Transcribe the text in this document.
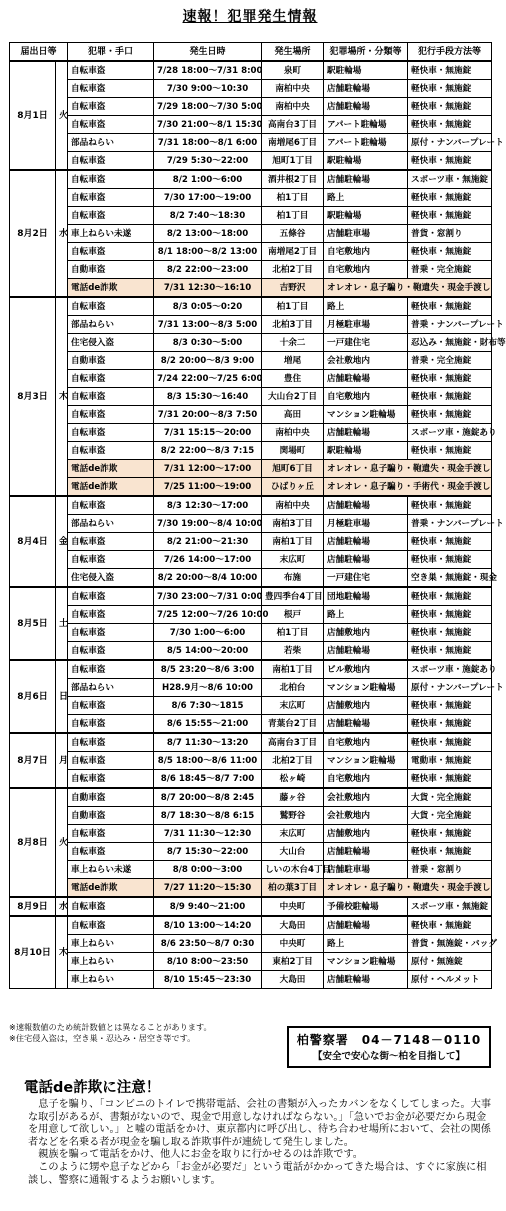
速報！犯罪発生情報
届出日等		犯罪・手口	発生日時	発生場所	犯罪場所・分類等	犯行手段方法等
8月1日	火	自転車盗	7/28 18:00～7/31 8:00	泉町	駅駐輪場	軽快車・無施錠
		自転車盗	7/30 9:00～10:30	南柏中央	店舗駐輪場	軽快車・無施錠
		自転車盗	7/29 18:00～7/30 5:00	南柏中央	店舗駐輪場	軽快車・無施錠
		自転車盗	7/30 21:00～8/1 15:30	高南台3丁目	アパート駐輪場	軽快車・無施錠
		部品ねらい	7/31 18:00～8/1 6:00	南増尾6丁目	アパート駐輪場	原付・ナンバープレート
		自転車盗	7/29 5:30～22:00	旭町1丁目	駅駐輪場	軽快車・無施錠
8月2日	水	自転車盗	8/2 1:00～6:00	酒井根2丁目	店舗駐輪場	スポーツ車・無施錠
		自転車盗	7/30 17:00～19:00	柏1丁目	路上	軽快車・無施錠
		自転車盗	8/2 7:40～18:30	柏1丁目	駅駐輪場	軽快車・無施錠
		車上ねらい未遂	8/2 13:00～18:00	五條谷	店舗駐車場	普貨・窓割り
		自転車盗	8/1 18:00～8/2 13:00	南増尾2丁目	自宅敷地内	軽快車・無施錠
		自動車盗	8/2 22:00～23:00	北柏2丁目	自宅敷地内	普乗・完全施錠
		電話de詐欺	7/31 12:30～16:10	吉野沢	オレオレ・息子騙り・鞄遺失・現金手渡し	
8月3日	木	自転車盗	8/3 0:05～0:20	柏1丁目	路上	軽快車・無施錠
		部品ねらい	7/31 13:00～8/3 5:00	北柏3丁目	月極駐車場	普乗・ナンバープレート
		住宅侵入盗	8/3 0:30～5:00	十余二	一戸建住宅	忍込み・無施錠・財布等
		自動車盗	8/2 20:00～8/3 9:00	増尾	会社敷地内	普乗・完全施錠
		自転車盗	7/24 22:00～7/25 6:00	豊住	店舗駐輪場	軽快車・無施錠
		自転車盗	8/3 15:30～16:40	大山台2丁目	自宅敷地内	軽快車・無施錠
		自転車盗	7/31 20:00～8/3 7:50	高田	マンション駐輪場	軽快車・無施錠
		自転車盗	7/31 15:15～20:00	南柏中央	店舗駐輪場	スポーツ車・施錠あり
		自転車盗	8/2 22:00～8/3 7:15	関場町	駅駐輪場	軽快車・無施錠
		電話de詐欺	7/31 12:00～17:00	旭町6丁目	オレオレ・息子騙り・鞄遺失・現金手渡し	
		電話de詐欺	7/25 11:00～19:00	ひばりヶ丘	オレオレ・息子騙り・手術代・現金手渡し	
8月4日	金	自転車盗	8/3 12:30～17:00	南柏中央	店舗駐輪場	軽快車・無施錠
		部品ねらい	7/30 19:00～8/4 10:00	南柏3丁目	月極駐車場	普乗・ナンバープレート
		自転車盗	8/2 21:00～21:30	南柏1丁目	店舗駐輪場	軽快車・無施錠
		自転車盗	7/26 14:00～17:00	末広町	店舗駐輪場	軽快車・無施錠
		住宅侵入盗	8/2 20:00～8/4 10:00	布施	一戸建住宅	空き巣・無施錠・現金
8月5日	土	自転車盗	7/30 23:00～7/31 0:00	豊四季台4丁目	団地駐輪場	軽快車・無施錠
		自転車盗	7/25 12:00～7/26 10:00	根戸	路上	軽快車・無施錠
		自転車盗	7/30 1:00～6:00	柏1丁目	店舗敷地内	軽快車・無施錠
		自転車盗	8/5 14:00～20:00	若柴	店舗駐輪場	軽快車・無施錠
8月6日	日	自転車盗	8/5 23:20～8/6 3:00	南柏1丁目	ビル敷地内	スポーツ車・施錠あり
		部品ねらい	H28.9月～8/6 10:00	北柏台	マンション駐輪場	原付・ナンバープレート
		自転車盗	8/6 7:30～1815	末広町	店舗敷地内	軽快車・無施錠
		自転車盗	8/6 15:55～21:00	青葉台2丁目	店舗駐輪場	軽快車・無施錠
8月7日	月	自転車盗	8/7 11:30～13:20	高南台3丁目	自宅敷地内	軽快車・無施錠
		自転車盗	8/5 18:00～8/6 11:00	北柏2丁目	マンション駐輪場	電動車・無施錠
		自転車盗	8/6 18:45～8/7 7:00	松ヶ崎	自宅敷地内	軽快車・無施錠
8月8日	火	自動車盗	8/7 20:00～8/8 2:45	藤ヶ谷	会社敷地内	大貨・完全施錠
		自動車盗	8/7 18:30～8/8 6:15	鷲野谷	会社敷地内	大貨・完全施錠
		自転車盗	7/31 11:30～12:30	末広町	店舗敷地内	軽快車・無施錠
		自転車盗	8/7 15:30～22:00	大山台	店舗駐輪場	軽快車・無施錠
		車上ねらい未遂	8/8 0:00～3:00	しいの木台4丁目	店舗駐車場	普乗・窓割り
		電話de詐欺	7/27 11:20～15:30	柏の葉3丁目	オレオレ・息子騙り・鞄遺失・現金手渡し	
8月9日	水	自転車盗	8/9 9:40～21:00	中央町	予備校駐輪場	スポーツ車・無施錠
8月10日	木	自転車盗	8/10 13:00～14:20	大島田	店舗駐輪場	軽快車・無施錠
		車上ねらい	8/6 23:50～8/7 0:30	中央町	路上	普貨・無施錠・バッグ
		車上ねらい	8/10 8:00～23:50	東柏2丁目	マンション駐輪場	原付・無施錠
		車上ねらい	8/10 15:45～23:30	大島田	店舗駐輪場	原付・ヘルメット
※速報数値のため統計数値とは異なることがあります。
※住宅侵入盗は，空き巣・忍込み・居空き等です。	柏警察署　04－7148－0110
【安全で安心な街～柏を目指して】
電話de詐欺に注意！

息子を騙り、「コンビニのトイレで携帯電話、会社の書類が入ったカバンをなくしてしまった。大事な取引があるが、書類がないので、現金で用意しなければならない。」「急いでお金が必要だから現金を用意して欲しい。」と嘘の電話をかけ、東京都内に呼び出し、待ち合わせ場所において、会社の関係者などを名乗る者が現金を騙し取る詐欺事件が連続して発生しました。

親族を騙って電話をかけ、他人にお金を取りに行かせるのは詐欺です。

このように甥や息子などから「お金が必要だ」という電話がかかってきた場合は、すぐに家族に相談し、警察に通報するようお願いします。
